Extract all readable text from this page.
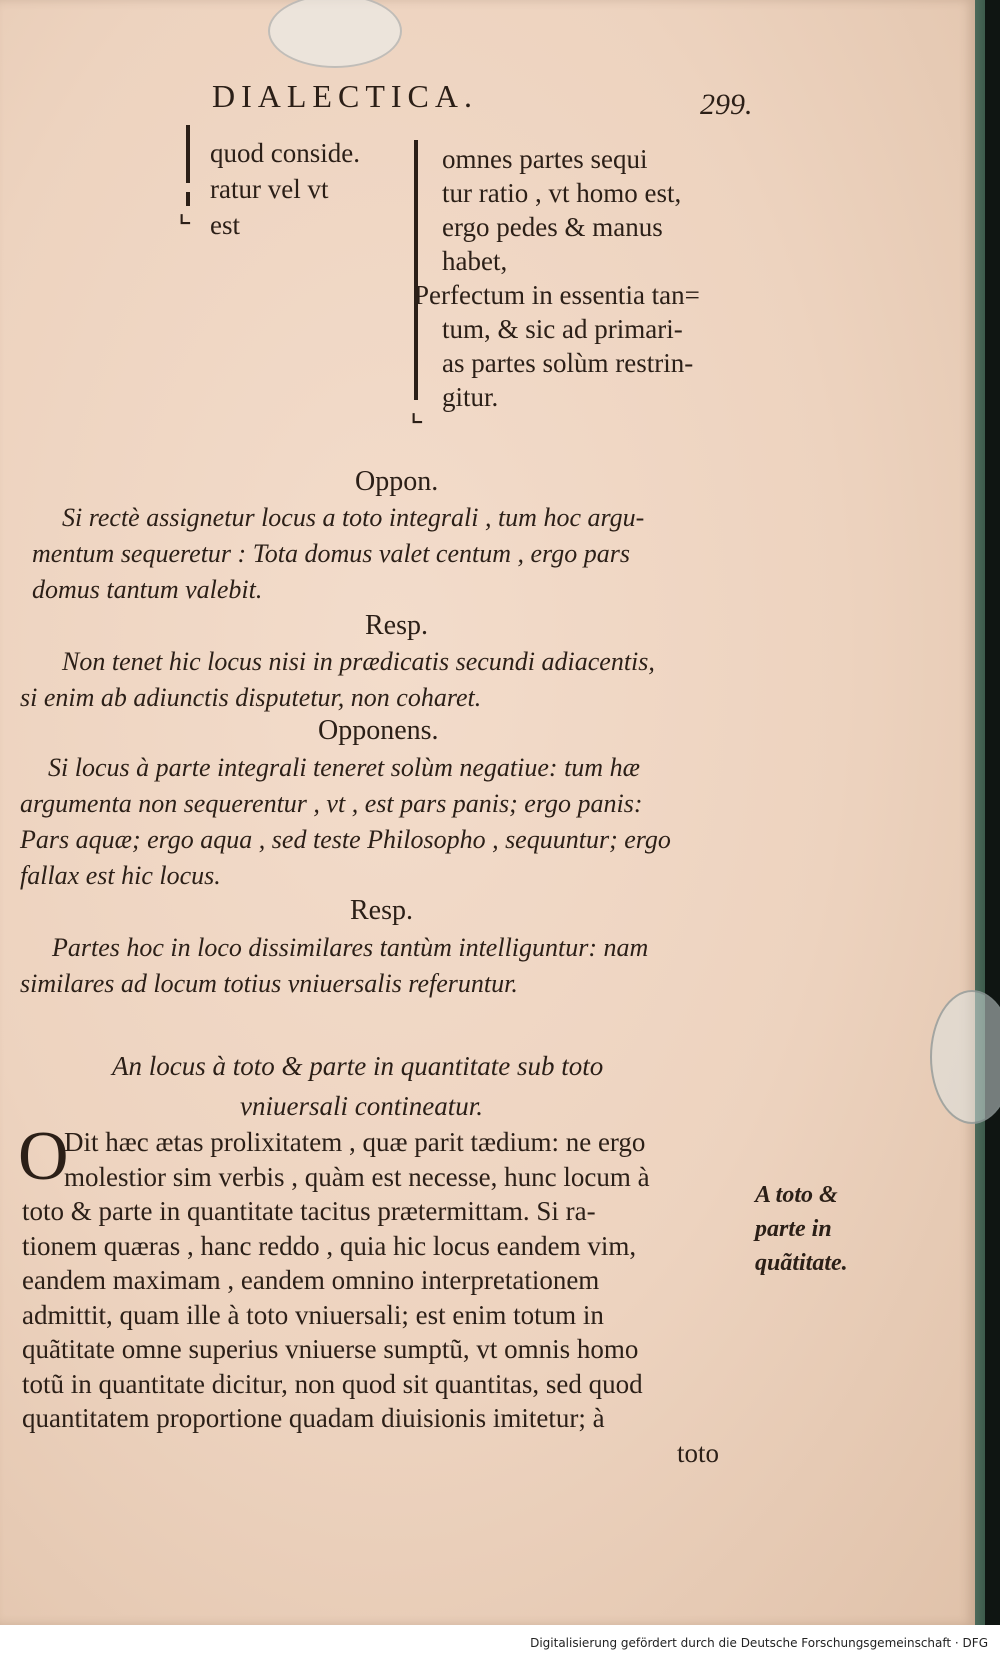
DIALECTICA.	299.
⌞
quod conside.
ratur vel vt
est
⌞
omnes partes sequi
tur ratio , vt homo est,
ergo pedes & manus
habet,
Perfectum in essentia tan=
tum, & sic ad primari-
as partes solùm restrin-
gitur.
Oppon.
Si rectè assignetur locus a toto integrali , tum hoc argu-
mentum sequeretur : Tota domus valet centum , ergo pars
domus tantum valebit.
Resp.
Non tenet hic locus nisi in prædicatis secundi adiacentis,
si enim ab adiunctis disputetur, non coharet.
Opponens.
Si locus à parte integrali teneret solùm negatiue: tum hæ
argumenta non sequerentur , vt , est pars panis; ergo panis:
Pars aquæ; ergo aqua , sed teste Philosopho , sequuntur; ergo
fallax est hic locus.
Resp.
Partes hoc in loco dissimilares tantùm intelliguntur: nam
similares ad locum totius vniuersalis referuntur.
An locus à toto & parte in quantitate sub toto
vniuersali contineatur.
O
Dit hæc ætas prolixitatem , quæ parit tædium: ne ergo
molestior sim verbis , quàm est necesse, hunc locum à
toto & parte in quantitate tacitus prætermittam. Si ra-
tionem quæras , hanc reddo , quia hic locus eandem vim,
eandem maximam , eandem omnino interpretationem
admittit, quam ille à toto vniuersali; est enim totum in
quãtitate omne superius vniuerse sumptũ, vt omnis homo
totũ in quantitate dicitur, non quod sit quantitas, sed quod
quantitatem proportione quadam diuisionis imitetur; à
toto
A toto &
parte in
quãtitate.
Digitalisierung gefördert durch die Deutsche Forschungsgemeinschaft · DFG
